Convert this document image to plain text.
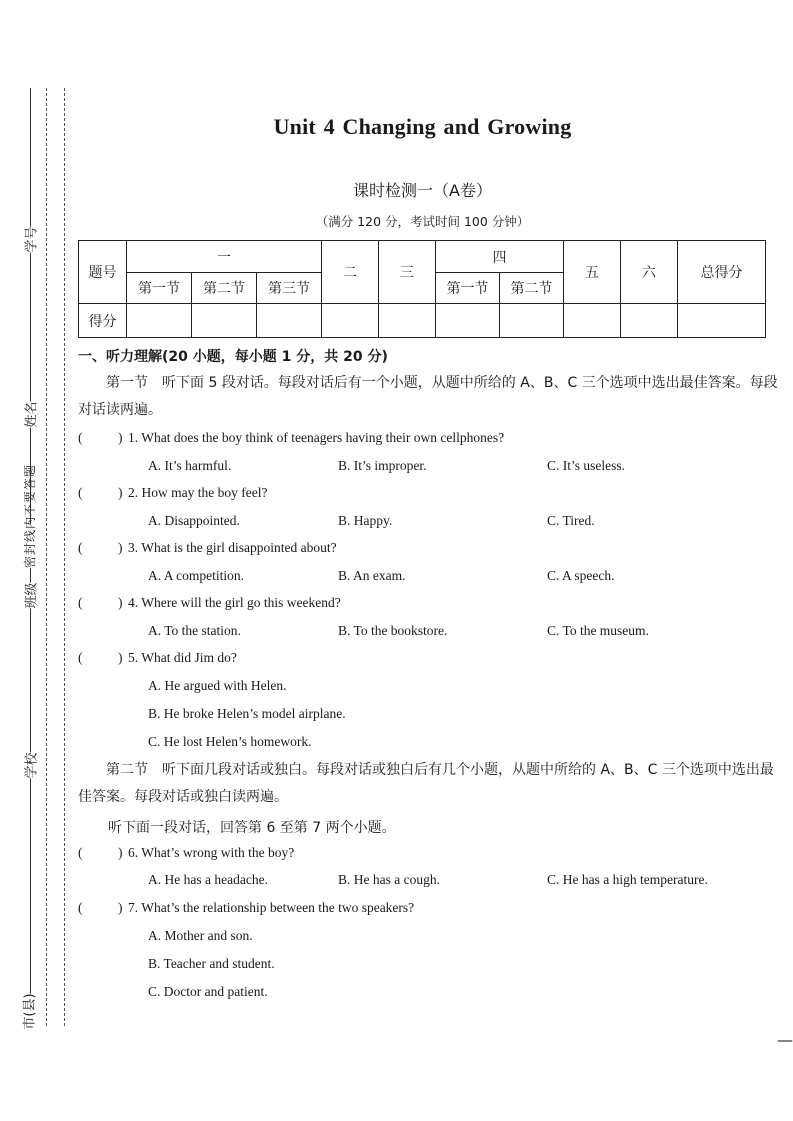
学号
姓名
班级
学校
市(县)
密封线内不要答题
Unit 4 Changing and Growing
课时检测一（A卷）
（满分 120 分，考试时间 100 分钟）
题号	一			二	三	四		五	六	总得分
	第一节	第二节	第三节			第一节	第二节			
得分										
一、听力理解(20 小题，每小题 1 分，共 20 分)
第一节　听下面 5 段对话。每段对话后有一个小题，从题中所给的 A、B、C 三个选项中选出最佳答案。每段对话读两遍。
( )	1. What does the boy think of teenagers having their own cellphones?
A. It’s harmful.	B. It’s improper.	C. It’s useless.
( )	2. How may the boy feel?
A. Disappointed.	B. Happy.	C. Tired.
( )	3. What is the girl disappointed about?
A. A competition.	B. An exam.	C. A speech.
( )	4. Where will the girl go this weekend?
A. To the station.	B. To the bookstore.	C. To the museum.
( )	5. What did Jim do?
A. He argued with Helen.
B. He broke Helen’s model airplane.
C. He lost Helen’s homework.
第二节　听下面几段对话或独白。每段对话或独白后有几个小题，从题中所给的 A、B、C 三个选项中选出最佳答案。每段对话或独白读两遍。
听下面一段对话，回答第 6 至第 7 两个小题。
( )	6. What’s wrong with the boy?
A. He has a headache.	B. He has a cough.	C. He has a high temperature.
( )	7. What’s the relationship between the two speakers?
A. Mother and son.
B. Teacher and student.
C. Doctor and patient.
—
